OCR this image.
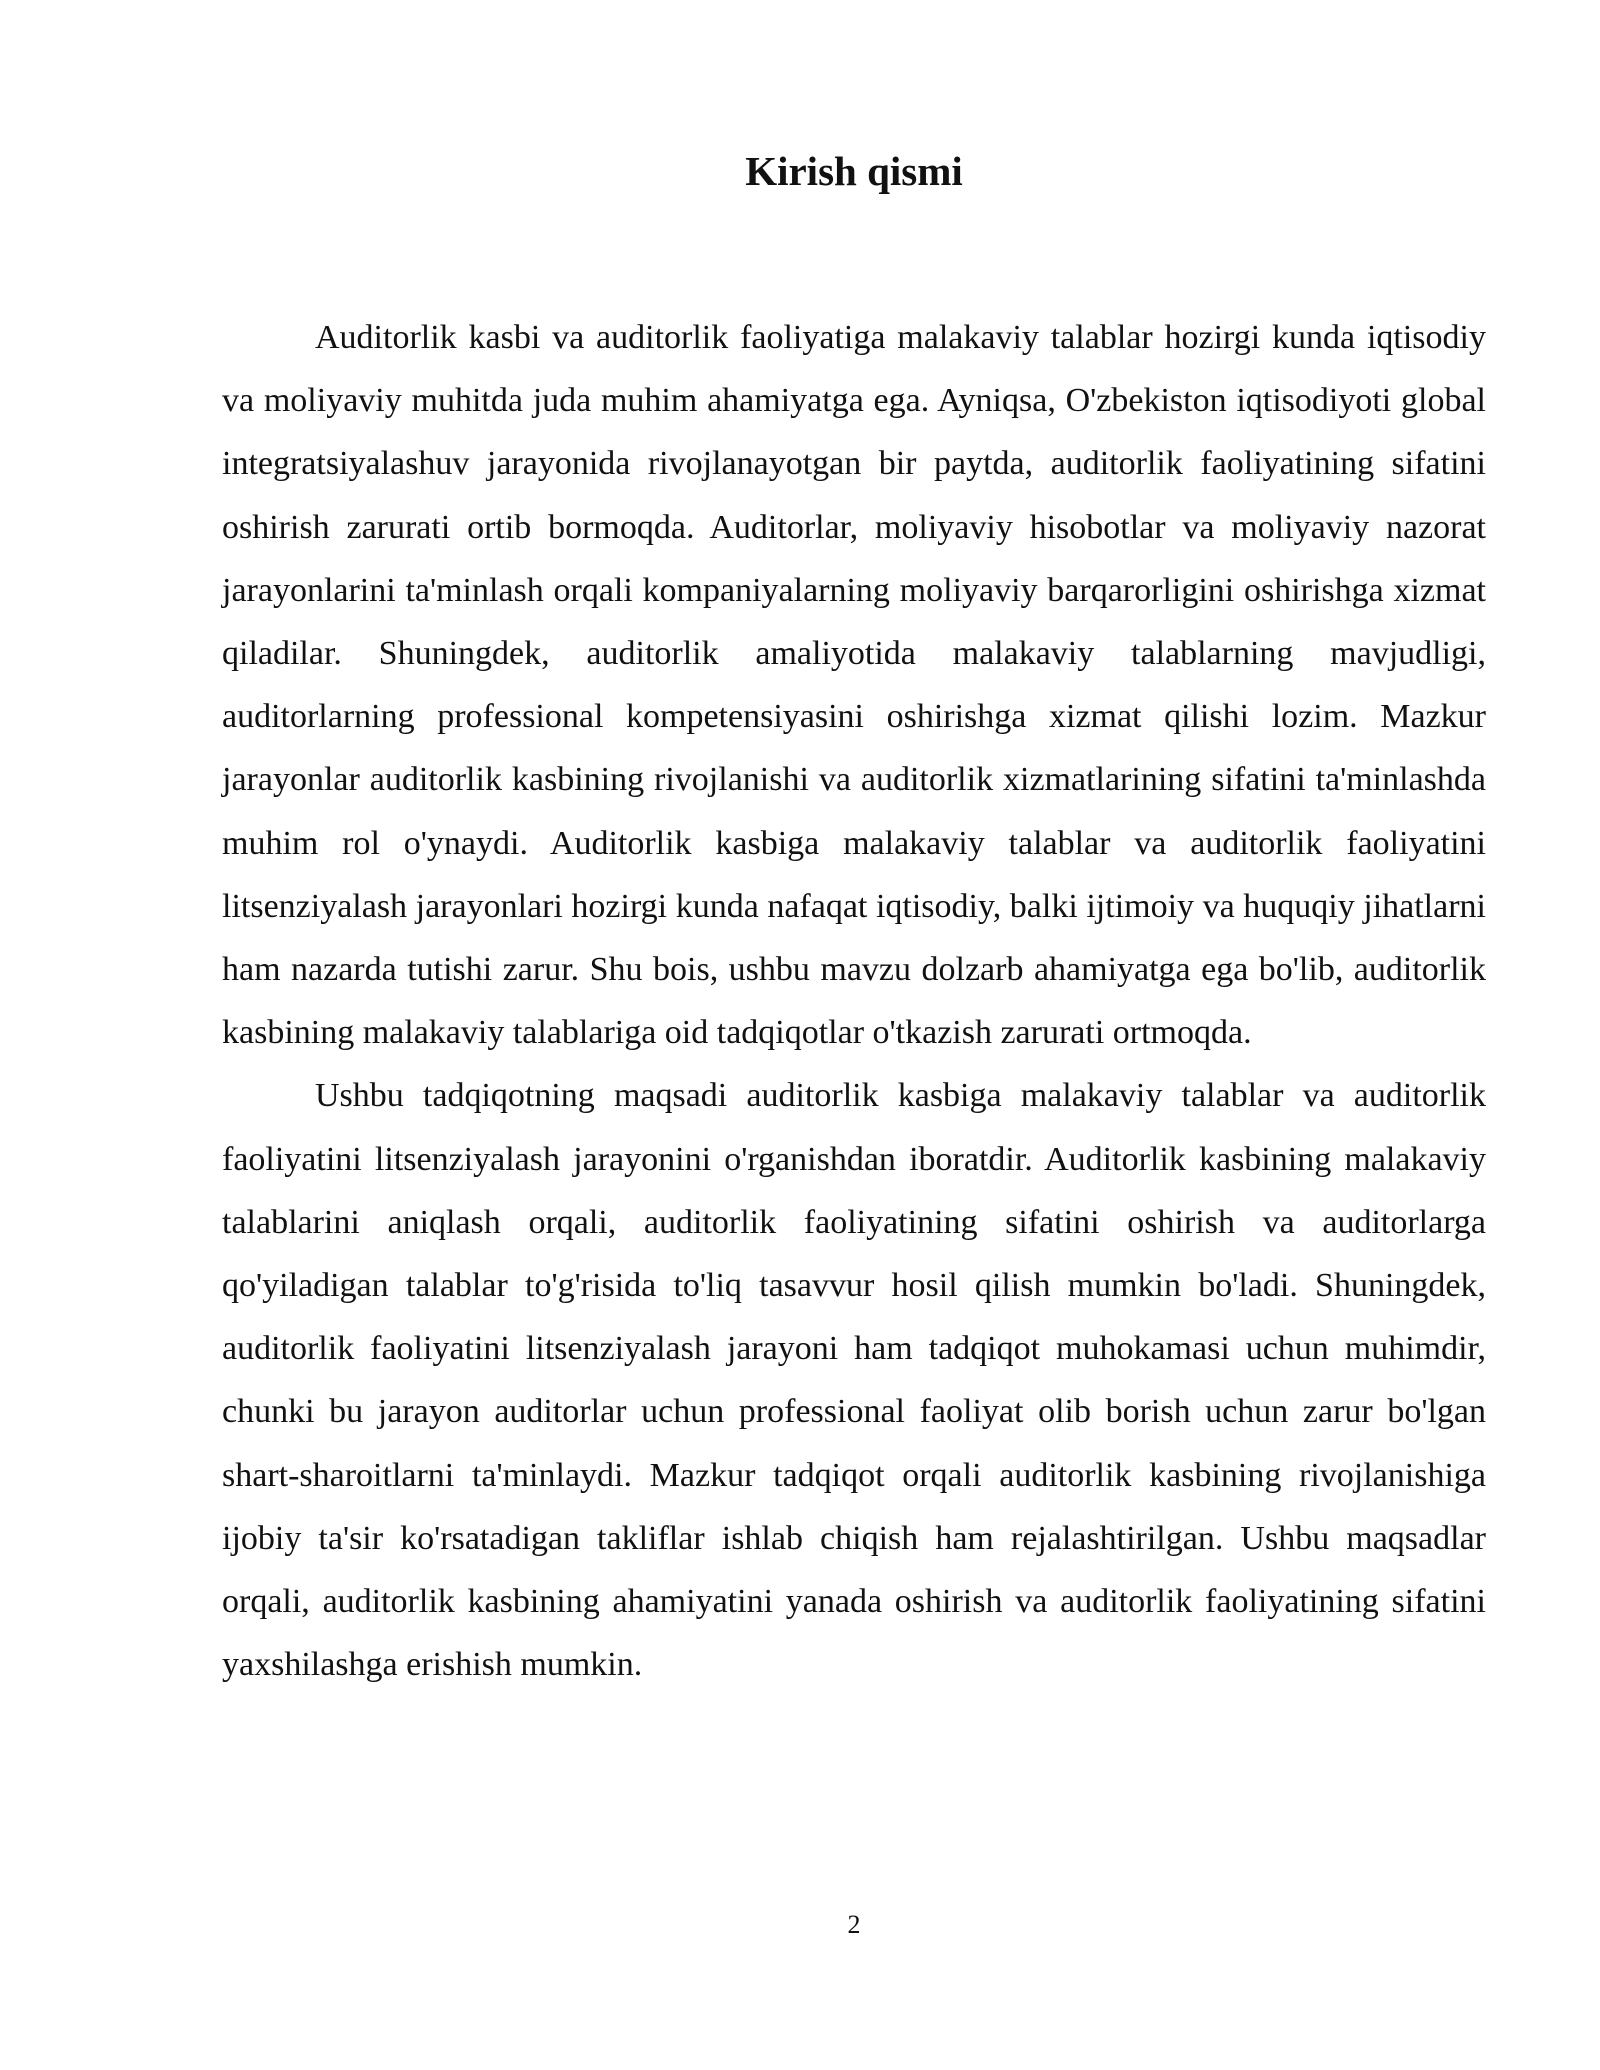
Kirish qismi

Auditorlik kasbi va auditorlik faoliyatiga malakaviy talablar hozirgi kunda iqtisodiy va moliyaviy muhitda juda muhim ahamiyatga ega. Ayniqsa, O'zbekiston iqtisodiyoti global integratsiyalashuv jarayonida rivojlanayotgan bir paytda, auditorlik faoliyatining sifatini oshirish zarurati ortib bormoqda. Auditorlar, moliyaviy hisobotlar va moliyaviy nazorat jarayonlarini ta'minlash orqali kompaniyalarning moliyaviy barqarorligini oshirishga xizmat qiladilar. Shuningdek, auditorlik amaliyotida malakaviy talablarning mavjudligi, auditorlarning professional kompetensiyasini oshirishga xizmat qilishi lozim. Mazkur jarayonlar auditorlik kasbining rivojlanishi va auditorlik xizmatlarining sifatini ta'minlashda muhim rol o'ynaydi. Auditorlik kasbiga malakaviy talablar va auditorlik faoliyatini litsenziyalash jarayonlari hozirgi kunda nafaqat iqtisodiy, balki ijtimoiy va huquqiy jihatlarni ham nazarda tutishi zarur. Shu bois, ushbu mavzu dolzarb ahamiyatga ega bo'lib, auditorlik kasbining malakaviy talablariga oid tadqiqotlar o'tkazish zarurati ortmoqda.

Ushbu tadqiqotning maqsadi auditorlik kasbiga malakaviy talablar va auditorlik faoliyatini litsenziyalash jarayonini o'rganishdan iboratdir. Auditorlik kasbining malakaviy talablarini aniqlash orqali, auditorlik faoliyatining sifatini oshirish va auditorlarga qo'yiladigan talablar to'g'risida to'liq tasavvur hosil qilish mumkin bo'ladi. Shuningdek, auditorlik faoliyatini litsenziyalash jarayoni ham tadqiqot muhokamasi uchun muhimdir, chunki bu jarayon auditorlar uchun professional faoliyat olib borish uchun zarur bo'lgan shart-sharoitlarni ta'minlaydi. Mazkur tadqiqot orqali auditorlik kasbining rivojlanishiga ijobiy ta'sir ko'rsatadigan takliflar ishlab chiqish ham rejalashtirilgan. Ushbu maqsadlar orqali, auditorlik kasbining ahamiyatini yanada oshirish va auditorlik faoliyatining sifatini yaxshilashga erishish mumkin.

2
